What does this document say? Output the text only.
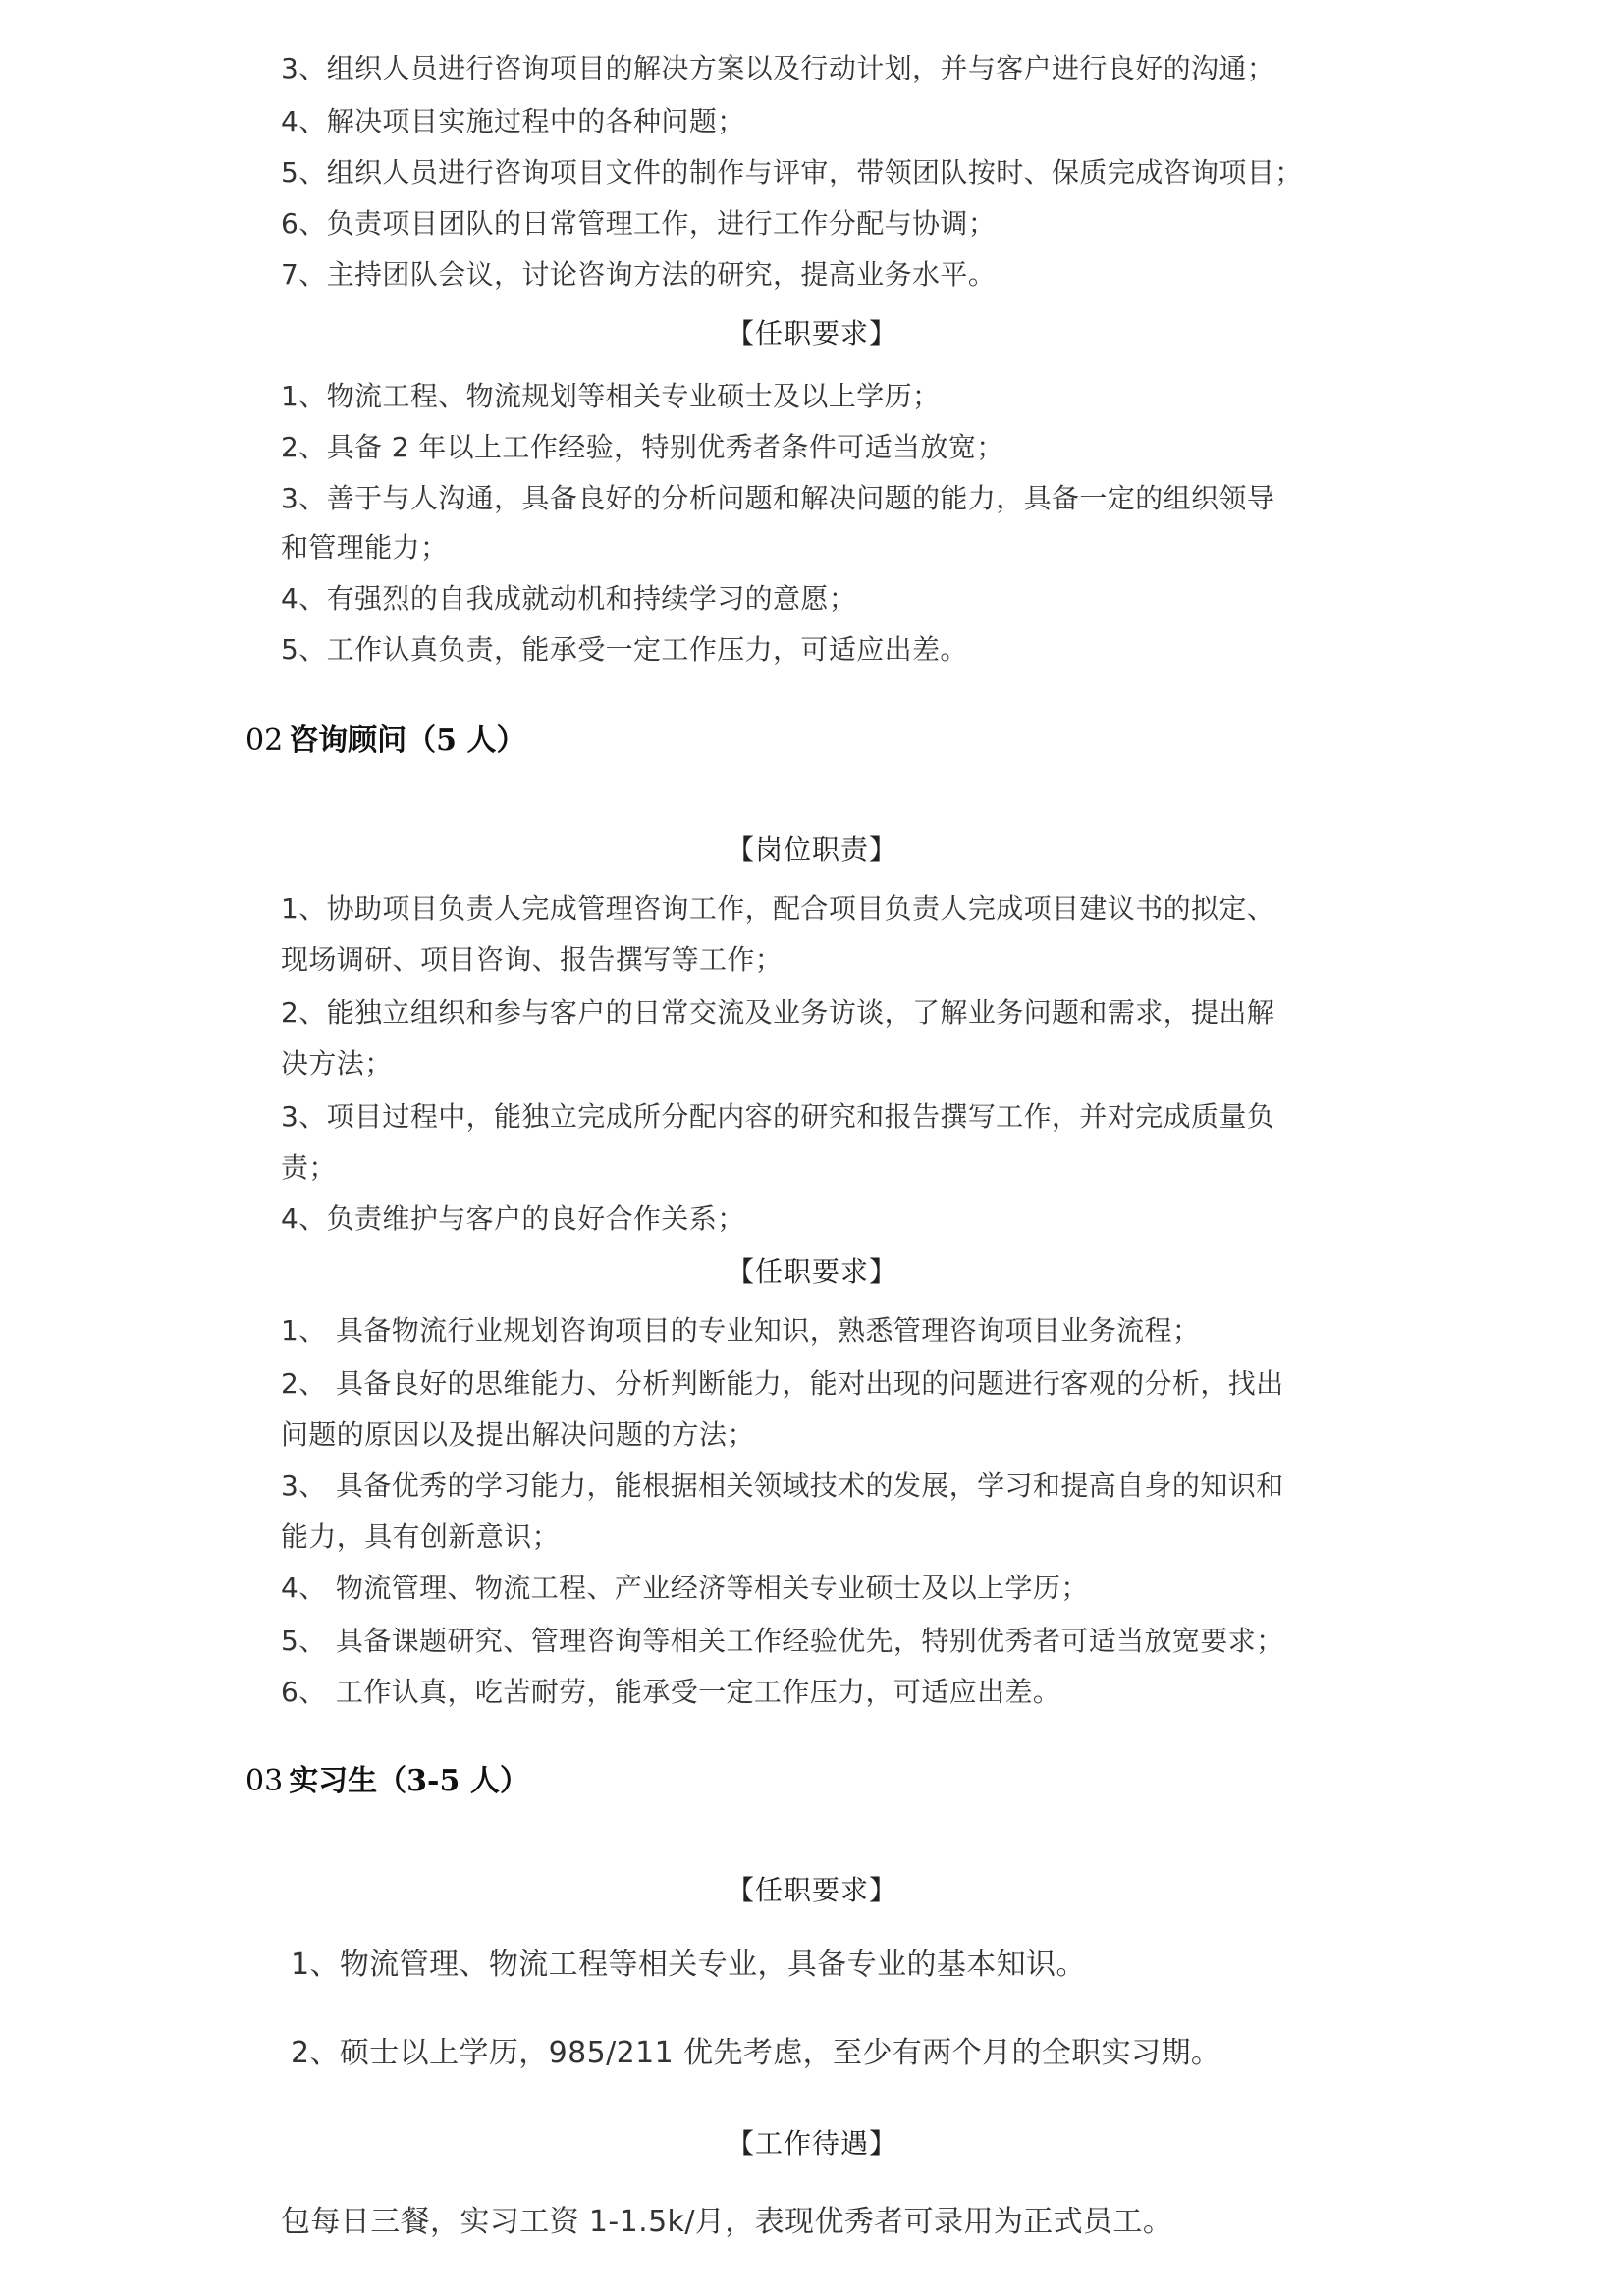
3、组织人员进行咨询项目的解决方案以及行动计划，并与客户进行良好的沟通；
4、解决项目实施过程中的各种问题；
5、组织人员进行咨询项目文件的制作与评审，带领团队按时、保质完成咨询项目；
6、负责项目团队的日常管理工作，进行工作分配与协调；
7、主持团队会议，讨论咨询方法的研究，提高业务水平。
【任职要求】
1、物流工程、物流规划等相关专业硕士及以上学历；
2、具备 2 年以上工作经验，特别优秀者条件可适当放宽；
3、善于与人沟通，具备良好的分析问题和解决问题的能力，具备一定的组织领导
和管理能力；
4、有强烈的自我成就动机和持续学习的意愿；
5、工作认真负责，能承受一定工作压力，可适应出差。
02 咨询顾问（5 人）
【岗位职责】
1、协助项目负责人完成管理咨询工作，配合项目负责人完成项目建议书的拟定、
现场调研、项目咨询、报告撰写等工作；
2、能独立组织和参与客户的日常交流及业务访谈，了解业务问题和需求，提出解
决方法；
3、项目过程中，能独立完成所分配内容的研究和报告撰写工作，并对完成质量负
责；
4、负责维护与客户的良好合作关系；
【任职要求】
1、 具备物流行业规划咨询项目的专业知识，熟悉管理咨询项目业务流程；
2、 具备良好的思维能力、分析判断能力，能对出现的问题进行客观的分析，找出
问题的原因以及提出解决问题的方法；
3、 具备优秀的学习能力，能根据相关领域技术的发展，学习和提高自身的知识和
能力，具有创新意识；
4、 物流管理、物流工程、产业经济等相关专业硕士及以上学历；
5、 具备课题研究、管理咨询等相关工作经验优先，特别优秀者可适当放宽要求；
6、 工作认真，吃苦耐劳，能承受一定工作压力，可适应出差。
03 实习生（3-5 人）
【任职要求】
1、物流管理、物流工程等相关专业，具备专业的基本知识。
2、硕士以上学历，985/211 优先考虑，至少有两个月的全职实习期。
【工作待遇】
包每日三餐，实习工资 1-1.5k/月，表现优秀者可录用为正式员工。
